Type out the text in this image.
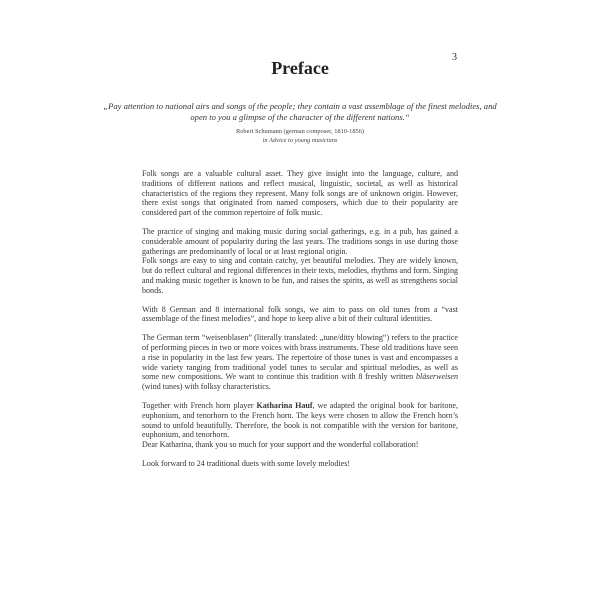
3
Preface
„Pay attention to national airs and songs of the people; they contain a vast assemblage of the finest melodies, and open to you a glimpse of the character of the different nations.“
Robert Schumann (german composer, 1810-1856)
in Advice to young musicians

Folk songs are a valuable cultural asset. They give insight into the language, culture, and traditions of different nations and reflect musical, linguistic, societal, as well as historical characteristics of the regions they represent. Many folk songs are of unknown origin. However, there exist songs that originated from named composers, which due to their popularity are considered part of the common repertoire of folk music.

The practice of singing and making music during social gatherings, e.g. in a pub, has gained a considerable amount of popularity during the last years. The traditions songs in use during those gatherings are predominantly of local or at least regional origin.

Folk songs are easy to sing and contain catchy, yet beautiful melodies. They are widely known, but do reflect cultural and regional differences in their texts, melodies, rhythms and form. Singing and making music together is known to be fun, and raises the spirits, as well as strengthens social bonds.

With 8 German and 8 international folk songs, we aim to pass on old tunes from a “vast assemblage of the finest melodies”, and hope to keep alive a bit of their cultural identities.

The German term “weisenblasen” (literally translated: „tune/ditty blowing“) refers to the practice of performing pieces in two or more voices with brass instruments. These old traditions have seen a rise in popularity in the last few years. The repertoire of those tunes is vast and encompasses a wide variety ranging from traditional yodel tunes to secular and spiritual melodies, as well as some new compositions. We want to continue this tradition with 8 freshly written bläserweisen (wind tunes) with folksy characteristics.

Together with French horn player Katharina Hauf, we adapted the original book for baritone, euphonium, and tenorhorn to the French horn. The keys were chosen to allow the French horn’s sound to unfold beautifully. Therefore, the book is not compatible with the version for baritone, euphonium, and tenorhorn.

Dear Katharina, thank you so much for your support and the wonderful collaboration!

Look forward to 24 traditional duets with some lovely melodies!
